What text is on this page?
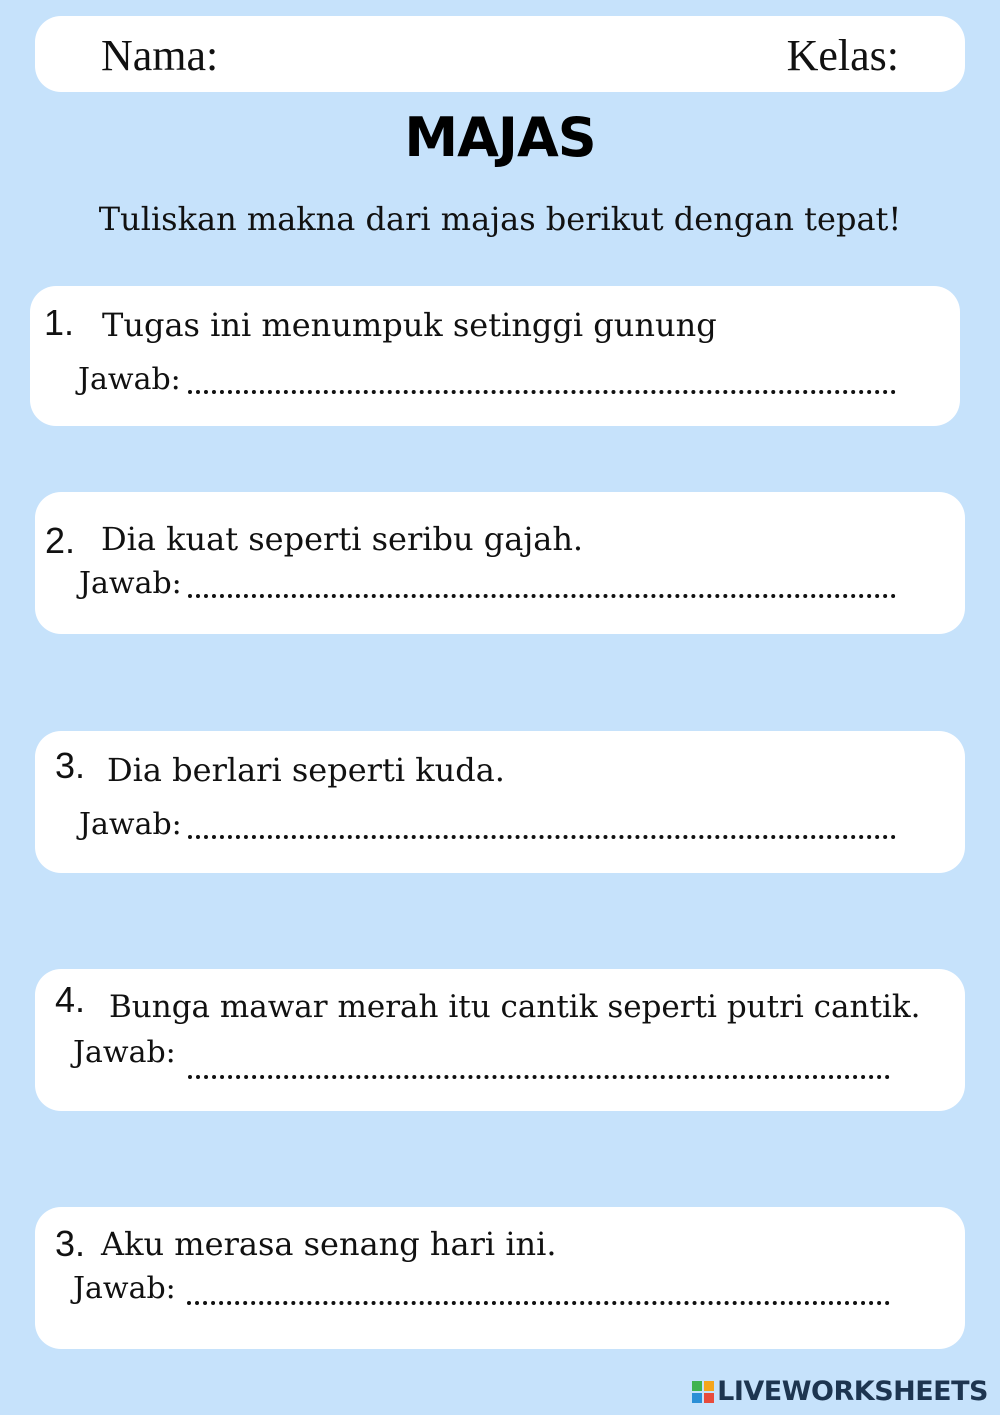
Nama:	Kelas:
MAJAS
Tuliskan makna dari majas berikut dengan tepat!
1. Tugas ini menumpuk setinggi gunung
Jawab:
2. Dia kuat seperti seribu gajah.
Jawab:
3. Dia berlari seperti kuda.
Jawab:
4. Bunga mawar merah itu cantik seperti putri cantik.
Jawab:
3. Aku merasa senang hari ini.
Jawab:
LIVEWORKSHEETS
